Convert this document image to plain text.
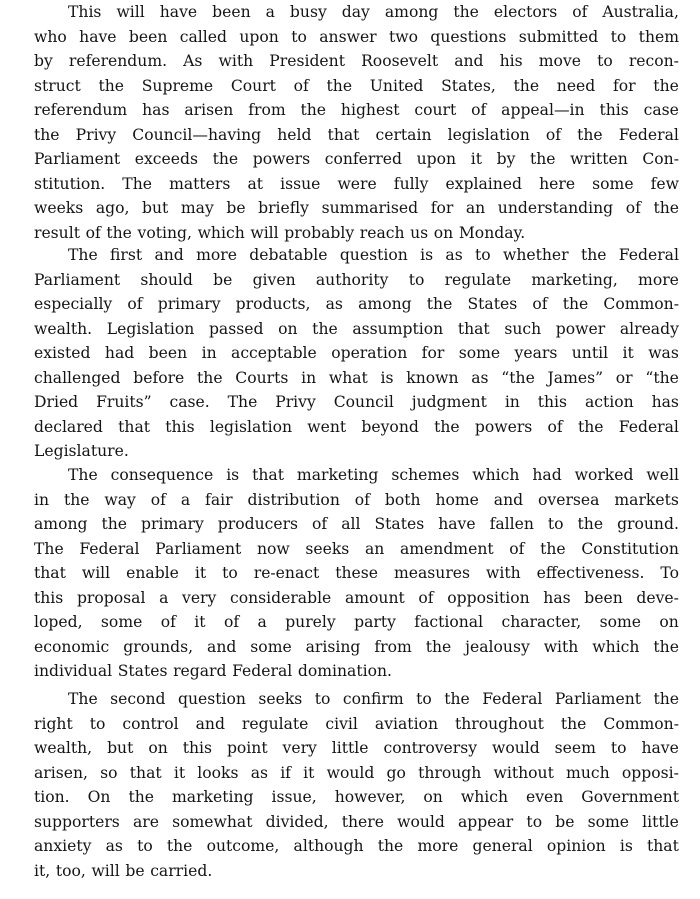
This will have been a busy day among the electors of Australia,
who have been called upon to answer two questions submitted to them
by referendum. As with President Roosevelt and his move to recon-
struct the Supreme Court of the United States, the need for the
referendum has arisen from the highest court of appeal—in this case
the Privy Council—having held that certain legislation of the Federal
Parliament exceeds the powers conferred upon it by the written Con-
stitution. The matters at issue were fully explained here some few
weeks ago, but may be briefly summarised for an understanding of the
result of the voting, which will probably reach us on Monday.
The first and more debatable question is as to whether the Federal
Parliament should be given authority to regulate marketing, more
especially of primary products, as among the States of the Common-
wealth. Legislation passed on the assumption that such power already
existed had been in acceptable operation for some years until it was
challenged before the Courts in what is known as “the James” or “the
Dried Fruits” case. The Privy Council judgment in this action has
declared that this legislation went beyond the powers of the Federal
Legislature.
The consequence is that marketing schemes which had worked well
in the way of a fair distribution of both home and oversea markets
among the primary producers of all States have fallen to the ground.
The Federal Parliament now seeks an amendment of the Constitution
that will enable it to re-enact these measures with effectiveness. To
this proposal a very considerable amount of opposition has been deve-
loped, some of it of a purely party factional character, some on
economic grounds, and some arising from the jealousy with which the
individual States regard Federal domination.
The second question seeks to confirm to the Federal Parliament the
right to control and regulate civil aviation throughout the Common-
wealth, but on this point very little controversy would seem to have
arisen, so that it looks as if it would go through without much opposi-
tion. On the marketing issue, however, on which even Government
supporters are somewhat divided, there would appear to be some little
anxiety as to the outcome, although the more general opinion is that
it, too, will be carried.
